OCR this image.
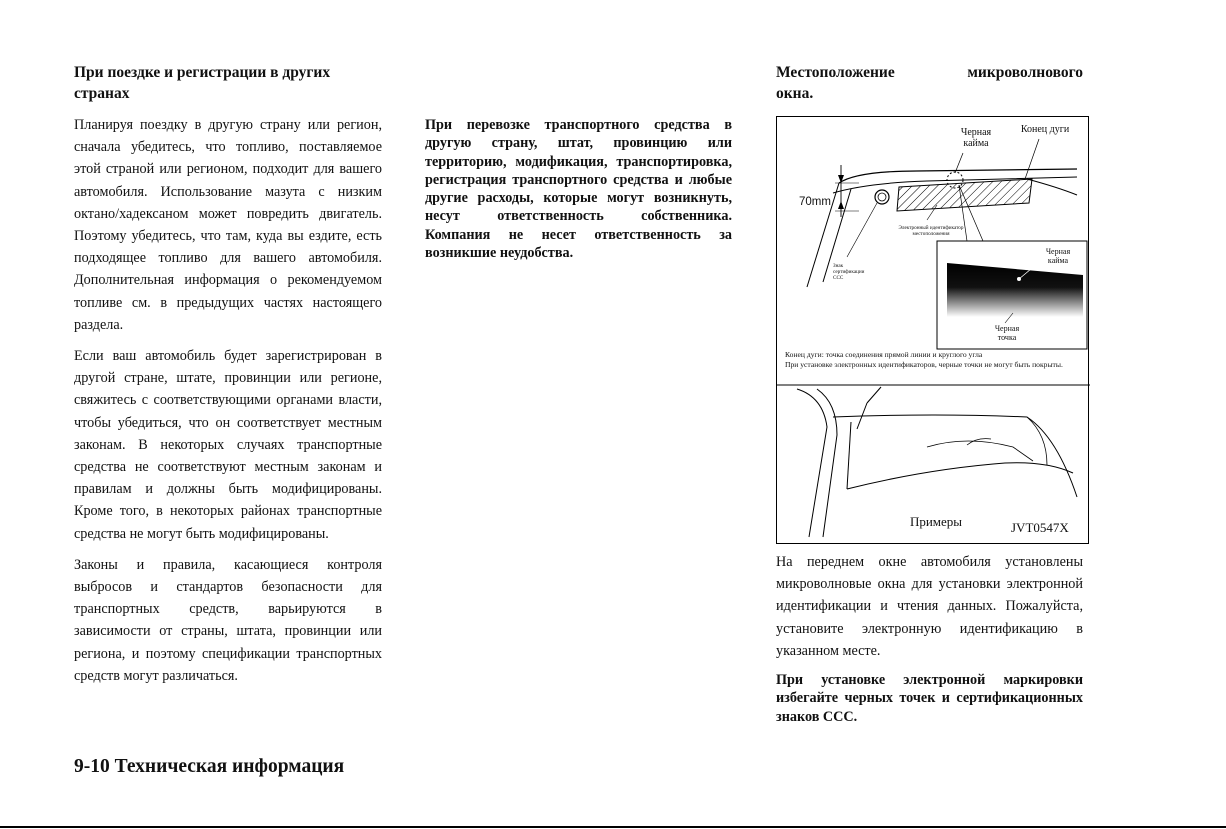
При поездке и регистрации в других странах

Планируя поездку в другую страну или регион, сначала убедитесь, что топливо, поставляемое этой страной или регионом, подходит для вашего автомобиля. Использование мазута с низким октано/хадексаном может повредить двигатель. Поэтому убедитесь, что там, куда вы ездите, есть подходящее топливо для вашего автомобиля. Дополнительная информация о рекомендуемом топливе см. в предыдущих частях настоящего раздела.

Если ваш автомобиль будет зарегистрирован в другой стране, штате, провинции или регионе, свяжитесь с соответствующими органами власти, чтобы убедиться, что он соответствует местным законам. В некоторых случаях транспортные средства не соответствуют местным законам и правилам и должны быть модифицированы. Кроме того, в некоторых районах транспортные средства не могут быть модифицированы.

Законы и правила, касающиеся контроля выбросов и стандартов безопасности для транспортных средств, варьируются в зависимости от страны, штата, провинции или региона, и поэтому спецификации транспортных средств могут различаться.

При перевозке транспортного средства в другую страну, штат, провинцию или территорию, модификация, транспортировка, регистрация транспортного средства и любые другие расходы, которые могут возникнуть, несут ответственность собственника. Компания не несет ответственность за возникшие неудобства.

Местоположение микроволнового
окна.
Черная кайма
Конец дуги
70mm
Электронный идентификатор местоположения
Знак сертификации CCC
Черная кайма
Черная точка
Конец дуги: точка соединения прямой линии и круглого угла
При установке электронных идентификаторов, черные точки не могут быть покрыты.
Примеры	JVT0547X

На переднем окне автомобиля установлены микроволновые окна для установки электронной идентификации и чтения данных. Пожалуйста, установите электронную идентификацию в указанном месте.

При установке электронной маркировки избегайте черных точек и сертификационных знаков CCC.

9-10 Техническая информация
